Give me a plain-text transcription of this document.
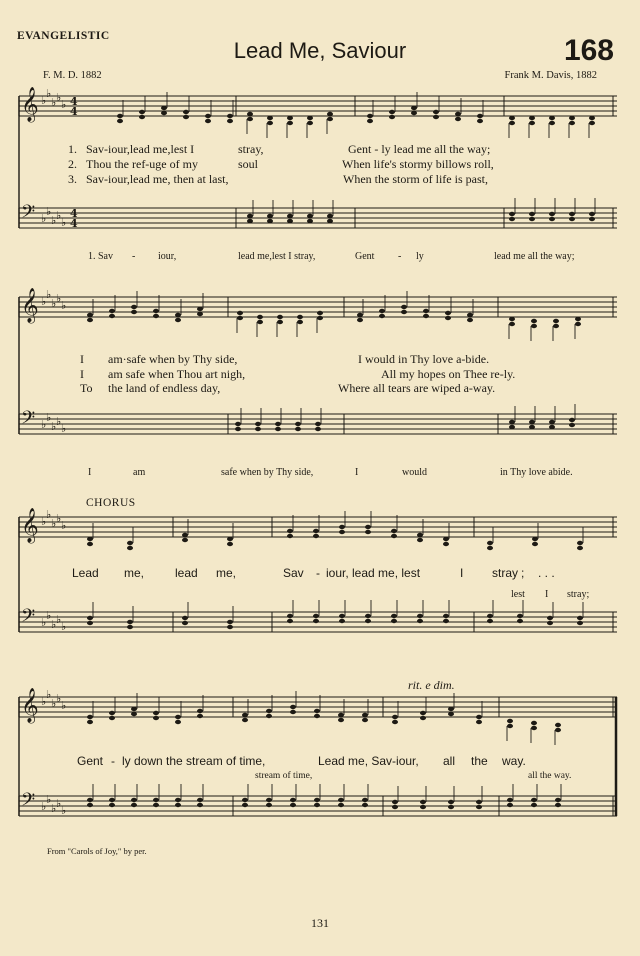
EVANGELISTIC
Lead Me, Saviour	168
F. M. D. 1882	Frank M. Davis, 1882
𝄞 ♭
♭
♭ ♭
♭ 4
4
𝄢 ♭
♭
♭ ♭
♭
4
4
𝄞 ♭
♭
♭ ♭
♭
𝄢 ♭
♭
♭ ♭
♭
𝄞 ♭
♭
♭ ♭
♭
𝄢 ♭
♭
♭ ♭
♭
𝄞 ♭
♭
♭ ♭
♭
𝄢 ♭
♭
♭ ♭
♭
1. Sav-iour,lead me,lest I	stray,	Gent - ly lead me all the way;
2. Thou the ref-uge of my	soul	When life's stormy billows roll,
3. Sav-iour,lead me, then at last,	When the storm of life is past,
1. Sav - iour,	lead me,lest I stray,	Gent - ly	lead me all the way;
I am·safe when by Thy side,	I would in Thy love a-bide.
I am safe when Thou art nigh,	All my hopes on Thee re-ly.
To the land of endless day,	Where all tears are wiped a-way.
I	am	safe when by Thy side,	I	would	in Thy love abide.
CHORUS
Lead me,	lead me,	Sav - iour, lead me, lest	I stray ; . . .
lest I stray;
rit. e dim.
Gent - ly down the stream of time,	Lead me, Sav-iour, all the way.
stream of time,	all the way.
From "Carols of Joy," by per.
131
